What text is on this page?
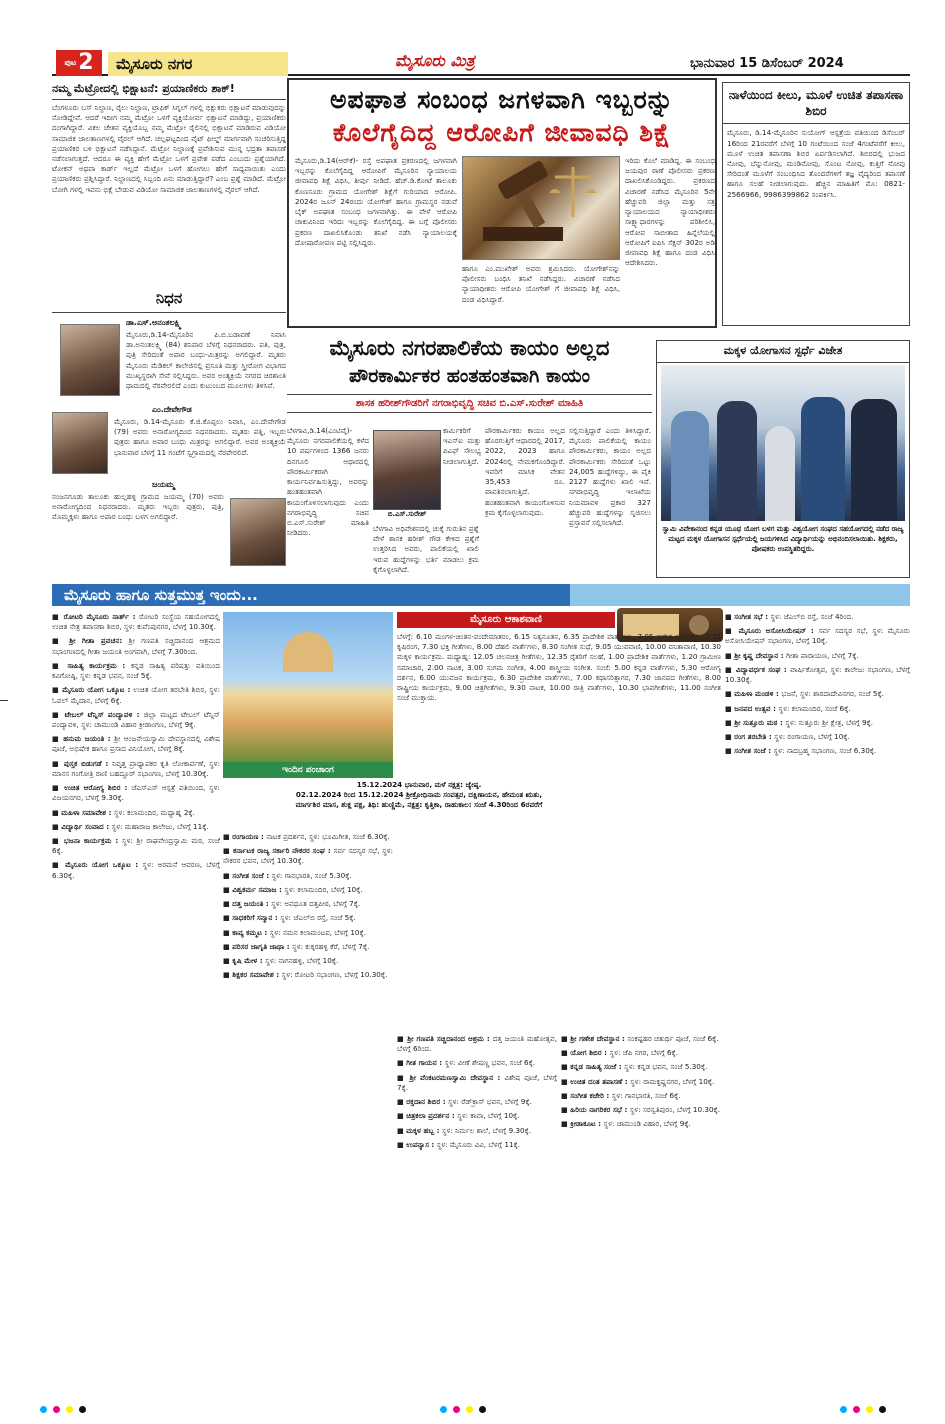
ಪುಟ 2	ಮೈಸೂರು ನಗರ	ಮೈಸೂರು ಮಿತ್ರ	ಭಾನುವಾರ 15 ಡಿಸೆಂಬರ್ 2024
ನಮ್ಮ ಮೆಟ್ರೋದಲ್ಲಿ ಭಿಕ್ಷಾಟನೆ: ಪ್ರಯಾಣಿಕರು ಶಾಕ್!
ಬೆಂಗಳೂರು ಬಸ್ ನಿಲ್ದಾಣ, ರೈಲು ನಿಲ್ದಾಣ, ಟ್ರಾಫಿಕ್ ಸಿಗ್ನಲ್ ಗಳಲ್ಲಿ ಭಿಕ್ಷುಕರು ಭಿಕ್ಷಾಟನೆ ಮಾಡುವುದನ್ನು ನೋಡಿದ್ದೇವೆ. ಆದರೆ ಇದೀಗ ನಮ್ಮ ಮೆಟ್ರೋ ಒಳಗೆ ವ್ಯಕ್ತಿಯೋರ್ವ ಭಿಕ್ಷಾಟನೆ ಮಾಡಿದ್ದು, ಪ್ರಯಾಣಿಕರು ದಂಗಾಗಿದ್ದಾರೆ. ವಿಕಲ ಚೇತನ ವ್ಯಕ್ತಿಯೊಬ್ಬ ನಮ್ಮ ಮೆಟ್ರೋ ರೈಲಿನಲ್ಲಿ ಭಿಕ್ಷಾಟನೆ ಮಾಡಿರುವ ವಿಡಿಯೋ ಸಾಮಾಜಿಕ ಜಾಲತಾಣಗಳಲ್ಲಿ ವೈರಲ್ ಆಗಿದೆ. ಚಲ್ಲಘಟ್ಟದಿಂದ ವೈಟ್ ಫೀಲ್ಡ್ ಮಾರ್ಗವಾಗಿ ಸಂಚರಿಸುತ್ತಿದ್ದ ಪ್ರಯಾಣಿಕರ ಬಳಿ ಭಿಕ್ಷಾಟನೆ ನಡೆಸಿದ್ದಾನೆ. ಮೆಟ್ರೋ ನಿಲ್ದಾಣಕ್ಕೆ ಪ್ರವೇಶಿಸುವ ಮುನ್ನ ಭದ್ರತಾ ತಪಾಸಣೆ ನಡೆಸಲಾಗುತ್ತದೆ. ಆದರೂ ಈ ವ್ಯಕ್ತಿ ಹೇಗೆ ಮೆಟ್ರೋ ಒಳಗೆ ಪ್ರವೇಶ ಪಡೆದ ಎಂಬುದು ಪ್ರಶ್ನೆಯಾಗಿದೆ. ಟೋಕನ್ ಅಥವಾ ಕಾರ್ಡ್ ಇಲ್ಲದೆ ಮೆಟ್ರೋ ಒಳಗೆ ಹೋಗಲು ಹೇಗೆ ಸಾಧ್ಯವಾಯಿತು ಎಂದು ಪ್ರಯಾಣಿಕರು ಪ್ರಶ್ನಿಸಿದ್ದಾರೆ. ನಿಲ್ದಾಣದಲ್ಲಿ ಸಿಬ್ಬಂದಿ ಏನು ಮಾಡುತ್ತಿದ್ದಾರೆ? ಎಂಬ ಪ್ರಶ್ನೆ ಮಾಡಿದೆ. ಮೆಟ್ರೋ ಬೋಗಿ ಗಳಲ್ಲಿ ಇವನು ಭಿಕ್ಷೆ ಬೇಡುವ ವಿಡಿಯೋ ಸಾಮಾಜಿಕ ಜಾಲತಾಣಗಳಲ್ಲಿ ವೈರಲ್ ಆಗಿದೆ.
ನಿಧನ
ಡಾ.ಎಸ್.ಅನಂತಲಕ್ಷ್ಮಿ
ಮೈಸೂರು,ಡಿ.14-ಮೈಸೂರಿನ ಪಿ.ಬಿ.ಬಡಾವಣೆ ನಿವಾಸಿ ಡಾ.ಅನಂತಲಕ್ಷ್ಮಿ (84) ಶನಿವಾರ ಬೆಳಗ್ಗೆ ನಿಧನರಾದರು. ಪತಿ, ಪುತ್ರ, ಪುತ್ರಿ ಸೇರಿದಂತೆ ಅಪಾರ ಬಂಧು-ಮಿತ್ರರನ್ನು ಅಗಲಿದ್ದಾರೆ. ಮೃತರು ಮೈಸೂರು ಮೆಡಿಕಲ್ ಕಾಲೇಜಿನಲ್ಲಿ ಪ್ರಸೂತಿ ಮತ್ತು ಸ್ತ್ರೀರೋಗ ವಿಭಾಗದ ಮುಖ್ಯಸ್ಥರಾಗಿ ಸೇವೆ ಸಲ್ಲಿಸಿದ್ದರು. ಅವರ ಅಂತ್ಯಕ್ರಿಯೆ ನಗರದ ಚಿರಶಾಂತಿ ಧಾಮದಲ್ಲಿ ನೆರವೇರಲಿದೆ ಎಂದು ಕುಟುಂಬದ ಮೂಲಗಳು ತಿಳಿಸಿವೆ.
ಎಂ.ದೇವೇಗೌಡ
ಮೈಸೂರು, ಡಿ.14-ಮೈಸೂರು ಕೆ.ಜಿ.ಕೊಪ್ಪಲು ನಿವಾಸಿ, ಎಂ.ದೇವೇಗೌಡ (79) ಅವರು ಅನಾರೋಗ್ಯದಿಂದ ನಿಧನರಾದರು. ಮೃತರು ಪತ್ನಿ, ಇಬ್ಬರು ಪುತ್ರರು ಹಾಗೂ ಅಪಾರ ಬಂಧು ಮಿತ್ರರನ್ನು ಅಗಲಿದ್ದಾರೆ. ಅವರ ಅಂತ್ಯಕ್ರಿಯೆ ಭಾನುವಾರ ಬೆಳಗ್ಗೆ 11 ಗಂಟೆಗೆ ಸ್ವಗ್ರಾಮದಲ್ಲಿ ನೆರವೇರಲಿದೆ.
ಜಯಮ್ಮ
ನಂಜನಗೂಡು ತಾಲೂಕು ಹುಲ್ಲಹಳ್ಳಿ ಗ್ರಾಮದ ಜಯಮ್ಮ (70) ಅವರು ಅನಾರೋಗ್ಯದಿಂದ ನಿಧನರಾದರು. ಮೃತರು ಇಬ್ಬರು ಪುತ್ರರು, ಪುತ್ರಿ, ಮೊಮ್ಮಕ್ಕಳು ಹಾಗೂ ಅಪಾರ ಬಂಧು ಬಳಗ ಅಗಲಿದ್ದಾರೆ.
ಅಪಘಾತ ಸಂಬಂಧ ಜಗಳವಾಗಿ ಇಬ್ಬರನ್ನು
ಕೊಲೆಗೈದಿದ್ದ ಆರೋಪಿಗೆ ಜೀವಾವಧಿ ಶಿಕ್ಷೆ
ಮೈಸೂರು,ಡಿ.14(ಆರ್‌ಕೆ)- ರಸ್ತೆ ಅಪಘಾತ ಪ್ರಕರಣದಲ್ಲಿ ಜಗಳವಾಗಿ ಇಬ್ಬರನ್ನು ಕೊಲೆಗೈದಿದ್ದ ಆರೋಪಿಗೆ ಮೈಸೂರಿನ ನ್ಯಾಯಾಲಯ ಜೀವಾವಧಿ ಶಿಕ್ಷೆ ವಿಧಿಸಿ, ತೀರ್ಪು ನೀಡಿದೆ. ಹೆಚ್.ಡಿ.ಕೋಟೆ ತಾಲೂಕು ಕೊಣಸೂರು ಗ್ರಾಮದ ಯೋಗೇಶ್ ಶಿಕ್ಷೆಗೆ ಗುರಿಯಾದ ಆರೋಪಿ. 2024ರ ಜೂನ್ 24ರಂದು ಯೋಗೇಶ್ ಹಾಗೂ ಗ್ರಾಮಸ್ಥರ ನಡುವೆ ಬೈಕ್ ಅಪಘಾತ ಸಂಬಂಧ ಜಗಳವಾಗಿತ್ತು. ಈ ವೇಳೆ ಆರೋಪಿ ಚಾಕುವಿನಿಂದ ಇರಿದು ಇಬ್ಬರನ್ನು ಕೊಲೆಗೈದಿದ್ದ. ಈ ಬಗ್ಗೆ ಪೊಲೀಸರು ಪ್ರಕರಣ ದಾಖಲಿಸಿಕೊಂಡು ತನಿಖೆ ನಡೆಸಿ ನ್ಯಾಯಾಲಯಕ್ಕೆ ದೋಷಾರೋಪಣ ಪಟ್ಟಿ ಸಲ್ಲಿಸಿದ್ದರು.
ಹಾಗೂ ಎಂ.ಮುಖೇಶ್ ಅವರು ಶ್ರಮಿಸಿದರು. ಯೋಗೇಶ್‌ನನ್ನು ಪೊಲೀಸರು ಬಂಧಿಸಿ ತನಿಖೆ ನಡೆಸಿದ್ದರು. ವಿಚಾರಣೆ ನಡೆಸಿದ ನ್ಯಾಯಾಧೀಶರು ಆರೋಪಿ ಯೋಗೇಶ್ ಗೆ ಜೀವಾವಧಿ ಶಿಕ್ಷೆ ವಿಧಿಸಿ, ದಂಡ ವಿಧಿಸಿದ್ದಾರೆ.
ಇರಿದು ಕೊಲೆ ಮಾಡಿದ್ದ. ಈ ಸಂಬಂಧ ಜಯಪುರ ಠಾಣೆ ಪೊಲೀಸರು ಪ್ರಕರಣ ದಾಖಲಿಸಿಕೊಂಡಿದ್ದರು. ಪ್ರಕರಣದ ವಿಚಾರಣೆ ನಡೆಸಿದ ಮೈಸೂರಿನ 5ನೇ ಹೆಚ್ಚುವರಿ ಜಿಲ್ಲಾ ಮತ್ತು ಸತ್ರ ನ್ಯಾಯಾಲಯದ ನ್ಯಾಯಾಧೀಶರು ಸಾಕ್ಷ್ಯಾಧಾರಗಳನ್ನು ಪರಿಶೀಲಿಸಿ, ಆರೋಪ ಸಾಬೀತಾದ ಹಿನ್ನೆಲೆಯಲ್ಲಿ ಆರೋಪಿಗೆ ಐಪಿಸಿ ಸೆಕ್ಷನ್ 302ರ ಅಡಿ ಜೀವಾವಧಿ ಶಿಕ್ಷೆ ಹಾಗೂ ದಂಡ ವಿಧಿಸಿ ಆದೇಶಿಸಿದರು.
ನಾಳೆಯಿಂದ ಕೀಲು, ಮೂಳೆ ಉಚಿತ ತಪಾಸಣಾ ಶಿಬಿರ
ಮೈಸೂರು, ಡಿ.14-ಮೈಸೂರಿನ ಸುಯೋಗ್ ಆಸ್ಪತ್ರೆಯ ವತಿಯಿಂದ ಡಿಸೆಂಬರ್ 16ರಿಂದ 21ರವರೆಗೆ ಬೆಳಗ್ಗೆ 10 ಗಂಟೆಯಿಂದ ಸಂಜೆ 4ಗಂಟೆವರೆಗೆ ಕೀಲು, ಮೂಳೆ ಉಚಿತ ತಪಾಸಣಾ ಶಿಬಿರ ಏರ್ಪಡಿಸಲಾಗಿದೆ. ಶಿಬಿರದಲ್ಲಿ ಭುಜದ ನೋವು, ಬೆನ್ನುನೋವು, ಮಂಡಿನೋವು, ಸೊಂಟ ನೋವು, ಕುತ್ತಿಗೆ ನೋವು ಸೇರಿದಂತೆ ಮೂಳೆಗೆ ಸಂಬಂಧಿಸಿದ ತೊಂದರೆಗಳಿಗೆ ತಜ್ಞ ವೈದ್ಯರಿಂದ ತಪಾಸಣೆ ಹಾಗೂ ಸಲಹೆ ನೀಡಲಾಗುವುದು. ಹೆಚ್ಚಿನ ಮಾಹಿತಿಗೆ ಮೊ: 0821-2566966, 9986399862 ಸಂಪರ್ಕಿಸಿ.
ಮೈಸೂರು ನಗರಪಾಲಿಕೆಯ ಕಾಯಂ ಅಲ್ಲದ
ಪೌರಕಾರ್ಮಿಕರ ಹಂತಹಂತವಾಗಿ ಕಾಯಂ
ಶಾಸಕ ಹರೀಶ್‌ಗೌಡರಿಗೆ ನಗರಾಭಿವೃದ್ಧಿ ಸಚಿವ ಬಿ.ಎಸ್.ಸುರೇಶ್ ಮಾಹಿತಿ
ಬೆಳಗಾವಿ,ಡಿ.14(ಎಂಟಿವೈ)- ಮೈಸೂರು ನಗರಪಾಲಿಕೆಯಲ್ಲಿ ಕಳೆದ 10 ವರ್ಷಗಳಿಂದ 1366 ಜನರು ದಿನಗೂಲಿ ಆಧಾರದಲ್ಲಿ ಪೌರಕಾರ್ಮಿಕರಾಗಿ ಕಾರ್ಯನಿರ್ವಹಿಸುತ್ತಿದ್ದು, ಅವರನ್ನು ಹಂತಹಂತವಾಗಿ ಕಾಯಂಗೊಳಿಸಲಾಗುವುದು ಎಂದು ನಗರಾಭಿವೃದ್ಧಿ ಸಚಿವ ಬಿ.ಎಸ್.ಸುರೇಶ್ ಮಾಹಿತಿ ನೀಡಿದರು.
ಬಿ.ಎಸ್.ಸುರೇಶ್
ಕಾರ್ಮಿಕರಿಗೆ ಇಎಸ್ಐ ಮತ್ತು ಪಿಎಫ್ ಸೌಲಭ್ಯ ನೀಡಲಾಗುತ್ತಿದೆ.
ಬೆಳಗಾವಿ ಅಧಿವೇಶನದಲ್ಲಿ ಚುಕ್ಕೆ ಗುರುತಿನ ಪ್ರಶ್ನೆ ವೇಳೆ ಶಾಸಕ ಹರೀಶ್ ಗೌಡ ಕೇಳಿದ ಪ್ರಶ್ನೆಗೆ ಉತ್ತರಿಸಿದ ಅವರು, ಪಾಲಿಕೆಯಲ್ಲಿ ಖಾಲಿ ಇರುವ ಹುದ್ದೆಗಳನ್ನು ಭರ್ತಿ ಮಾಡಲು ಕ್ರಮ ಕೈಗೊಳ್ಳಲಾಗಿದೆ.
ಪೌರಕಾರ್ಮಿಕರು ಕಾಯಂ ಅಲ್ಲದ ಹೊರಗುತ್ತಿಗೆ ಆಧಾರದಲ್ಲಿ 2017, 2022, 2023 ಹಾಗೂ 2024ರಲ್ಲಿ ನೇಮಕಗೊಂಡಿದ್ದಾರೆ. ಇವರಿಗೆ ಮಾಸಿಕ ವೇತನ 35,453 ರೂ. ಪಾವತಿಸಲಾಗುತ್ತಿದೆ. ಹಂತಹಂತವಾಗಿ ಕಾಯಂಗೊಳಿಸುವ ಕ್ರಮ ಕೈಗೊಳ್ಳಲಾಗುವುದು.
ಸಲ್ಲಿಸುತ್ತಿದ್ದಾರೆ ಎಂದು ತಿಳಿಸಿದ್ದಾರೆ. ಮೈಸೂರು ಪಾಲಿಕೆಯಲ್ಲಿ ಕಾಯಂ ಪೌರಕಾರ್ಮಿಕರು, ಕಾಯಂ ಅಲ್ಲದ ಪೌರಕಾರ್ಮಿಕರು ಸೇರಿದಂತೆ ಒಟ್ಟು 24,005 ಹುದ್ದೆಗಳಿದ್ದು, ಈ ಪೈಕಿ 2127 ಹುದ್ದೆಗಳು ಖಾಲಿ ಇವೆ. ನಗರಾಭಿವೃದ್ಧಿ ಇಲಾಖೆಯ ನಿಯಮಾವಳಿ ಪ್ರಕಾರ 327 ಹೆಚ್ಚುವರಿ ಹುದ್ದೆಗಳನ್ನು ಸೃಜಿಸಲು ಪ್ರಸ್ತಾವನೆ ಸಲ್ಲಿಸಲಾಗಿದೆ.
ಮಕ್ಕಳ ಯೋಗಾಸನ ಸ್ಪರ್ಧೆ ವಿಜೇತ
ಸ್ವಾಮಿ ವಿವೇಕಾನಂದ ಕನ್ನಡ ಯೂಥ ಯೋಗ ಬಳಗ ಮತ್ತು ವಿಶ್ವಯೋಗ ಸಂಘದ ಸಹಯೋಗದಲ್ಲಿ ನಡೆದ ರಾಜ್ಯ ಮಟ್ಟದ ಮಕ್ಕಳ ಯೋಗಾಸನ ಸ್ಪರ್ಧೆಯಲ್ಲಿ ಜಯಗಳಿಸಿದ ವಿದ್ಯಾರ್ಥಿಯನ್ನು ಅಭಿನಂದಿಸಲಾಯಿತು. ಶಿಕ್ಷಕರು, ಪೋಷಕರು ಉಪಸ್ಥಿತರಿದ್ದರು.
ಮೈಸೂರು ಹಾಗೂ ಸುತ್ತಮುತ್ತ ಇಂದು...
■ ರೋಟರಿ ಮೈಸೂರು ನಾರ್ತ್ : ರೋಟರಿ ಸಂಸ್ಥೆಯ ಸಹಯೋಗದಲ್ಲಿ ಉಚಿತ ನೇತ್ರ ತಪಾಸಣಾ ಶಿಬಿರ, ಸ್ಥಳ: ಕುವೆಂಪುನಗರ, ಬೆಳಗ್ಗೆ 10.30ಕ್ಕೆ.
■ ಶ್ರೀ ಗೀತಾ ಪ್ರವಚನ: ಶ್ರೀ ಗಣಪತಿ ಸಚ್ಚಿದಾನಂದ ಆಶ್ರಮದ ಸಭಾಂಗಣದಲ್ಲಿ ಗೀತಾ ಜಯಂತಿ ಅಂಗವಾಗಿ, ಬೆಳಗ್ಗೆ 7.30ರಿಂದ.
■ ಸಾಹಿತ್ಯ ಕಾರ್ಯಕ್ರಮ : ಕನ್ನಡ ಸಾಹಿತ್ಯ ಪರಿಷತ್ತು ವತಿಯಿಂದ ಕವಿಗೋಷ್ಠಿ, ಸ್ಥಳ: ಕನ್ನಡ ಭವನ, ಸಂಜೆ 5ಕ್ಕೆ.
■ ಮೈಸೂರು ಯೋಗ ಒಕ್ಕೂಟ : ಉಚಿತ ಯೋಗ ತರಬೇತಿ ಶಿಬಿರ, ಸ್ಥಳ: ಓವಲ್ ಮೈದಾನ, ಬೆಳಗ್ಗೆ 6ಕ್ಕೆ.
■ ಟೇಬಲ್ ಟೆನ್ನಿಸ್ ಪಂದ್ಯಾವಳಿ : ಜಿಲ್ಲಾ ಮಟ್ಟದ ಟೇಬಲ್ ಟೆನ್ನಿಸ್ ಪಂದ್ಯಾವಳಿ, ಸ್ಥಳ: ಚಾಮುಂಡಿ ವಿಹಾರ ಕ್ರೀಡಾಂಗಣ, ಬೆಳಗ್ಗೆ 9ಕ್ಕೆ.
■ ಹನುಮ ಜಯಂತಿ : ಶ್ರೀ ಆಂಜನೇಯಸ್ವಾಮಿ ದೇವಸ್ಥಾನದಲ್ಲಿ ವಿಶೇಷ ಪೂಜೆ, ಅಭಿಷೇಕ ಹಾಗೂ ಪ್ರಸಾದ ವಿನಿಯೋಗ, ಬೆಳಗ್ಗೆ 8ಕ್ಕೆ.
■ ಪುಸ್ತಕ ಬಿಡುಗಡೆ : ನಿವೃತ್ತ ಪ್ರಾಧ್ಯಾಪಕರ ಕೃತಿ ಲೋಕಾರ್ಪಣೆ, ಸ್ಥಳ: ಮಾನಸ ಗಂಗೋತ್ರಿ ರಾಣಿ ಬಹದ್ದೂರ್ ಸಭಾಂಗಣ, ಬೆಳಗ್ಗೆ 10.30ಕ್ಕೆ.
■ ಉಚಿತ ಆರೋಗ್ಯ ಶಿಬಿರ : ಜೆಎಸ್ಎಸ್ ಆಸ್ಪತ್ರೆ ವತಿಯಿಂದ, ಸ್ಥಳ: ವಿಜಯನಗರ, ಬೆಳಗ್ಗೆ 9.30ಕ್ಕೆ.
■ ಮಹಿಳಾ ಸಮಾವೇಶ : ಸ್ಥಳ: ಕಲಾಮಂದಿರ, ಮಧ್ಯಾಹ್ನ 2ಕ್ಕೆ.
■ ವಿದ್ಯಾರ್ಥಿ ಸಂವಾದ : ಸ್ಥಳ: ಮಹಾರಾಜ ಕಾಲೇಜು, ಬೆಳಗ್ಗೆ 11ಕ್ಕೆ.
■ ಭಜನಾ ಕಾರ್ಯಕ್ರಮ : ಸ್ಥಳ: ಶ್ರೀ ರಾಘವೇಂದ್ರಸ್ವಾಮಿ ಮಠ, ಸಂಜೆ 6ಕ್ಕೆ.
■ ಮೈಸೂರು ಯೋಗ ಒಕ್ಕೂಟ : ಸ್ಥಳ: ಅರಮನೆ ಆವರಣ, ಬೆಳಗ್ಗೆ 6.30ಕ್ಕೆ.
ಇಂದಿನ ಪಂಚಾಂಗ
15.12.2024 ಭಾನುವಾರ, ಮಳೆ ನಕ್ಷತ್ರ: ಜ್ಯೇಷ್ಠ.
02.12.2024 ರಿಂದ 15.12.2024 ಶ್ರೀಕ್ರೋಧಿನಾಮ ಸಂವತ್ಸರ, ದಕ್ಷಿಣಾಯನ, ಹೇಮಂತ ಋತು,
ಮಾರ್ಗಶಿರ ಮಾಸ, ಶುಕ್ಲ ಪಕ್ಷ, ತಿಥಿ: ಹುಣ್ಣಿಮೆ, ನಕ್ಷತ್ರ: ಕೃತ್ತಿಕಾ, ರಾಹುಕಾಲ: ಸಂಜೆ 4.30ರಿಂದ 6ರವರೆಗೆ
■ ರಂಗಾಯಣ : ನಾಟಕ ಪ್ರದರ್ಶನ, ಸ್ಥಳ: ಭೂಮಿಗೀತ, ಸಂಜೆ 6.30ಕ್ಕೆ.
■ ಕರ್ನಾಟಕ ರಾಜ್ಯ ಸರ್ಕಾರಿ ನೌಕರರ ಸಂಘ : ಸರ್ವ ಸದಸ್ಯರ ಸಭೆ, ಸ್ಥಳ: ನೌಕರರ ಭವನ, ಬೆಳಗ್ಗೆ 10.30ಕ್ಕೆ.
■ ಸಂಗೀತ ಸಂಜೆ : ಸ್ಥಳ: ಗಾನಭಾರತಿ, ಸಂಜೆ 5.30ಕ್ಕೆ.
■ ವಿಶ್ವಕರ್ಮ ಸಮಾಜ : ಸ್ಥಳ: ಕಲಾಮಂದಿರ, ಬೆಳಗ್ಗೆ 10ಕ್ಕೆ.
■ ದತ್ತ ಜಯಂತಿ : ಸ್ಥಳ: ಅವಧೂತ ದತ್ತಪೀಠ, ಬೆಳಗ್ಗೆ 7ಕ್ಕೆ.
■ ಸಾಧಕರಿಗೆ ಸನ್ಮಾನ : ಸ್ಥಳ: ಜೆಎಲ್‌ಬಿ ರಸ್ತೆ, ಸಂಜೆ 5ಕ್ಕೆ.
■ ಕಾವ್ಯ ಕಮ್ಮಟ : ಸ್ಥಳ: ನಮನ ಕಲಾಮಂಟಪ, ಬೆಳಗ್ಗೆ 10ಕ್ಕೆ.
■ ಪರಿಸರ ಜಾಗೃತಿ ಜಾಥಾ : ಸ್ಥಳ: ಕುಕ್ಕರಹಳ್ಳಿ ಕೆರೆ, ಬೆಳಗ್ಗೆ 7ಕ್ಕೆ.
■ ಕೃಷಿ ಮೇಳ : ಸ್ಥಳ: ನಾಗನಹಳ್ಳಿ, ಬೆಳಗ್ಗೆ 10ಕ್ಕೆ.
■ ಶಿಕ್ಷಕರ ಸಮಾವೇಶ : ಸ್ಥಳ: ರೋಟರಿ ಸಭಾಂಗಣ, ಬೆಳಗ್ಗೆ 10.30ಕ್ಕೆ.
ಮೈಸೂರು ಆಕಾಶವಾಣಿ
ಬೆಳಗ್ಗೆ: 6.10 ಮಂಗಳ-ಚಿಂತನ-ವಂದೇಮಾತರಂ, 6.15 ನಿತ್ಯನೂತನ, 6.35 ಪ್ರಾದೇಶಿಕ ವಾರ್ತೆಗಳು, 7.05 ಪ್ರದೇಶ ಸಮಾಚಾರ, 7.15 ಕೃಷಿರಂಗ, 7.30 ಭಕ್ತಿ ಗೀತೆಗಳು, 8.00 ದೆಹಲಿ ವಾರ್ತೆಗಳು, 8.30 ಸಂಗೀತ ಸುಧೆ, 9.05 ಯುವವಾಣಿ, 10.00 ವನಿತಾವಾಣಿ, 10.30 ಮಕ್ಕಳ ಕಾರ್ಯಕ್ರಮ. ಮಧ್ಯಾಹ್ನ: 12.05 ಚಲನಚಿತ್ರ ಗೀತೆಗಳು, 12.35 ರೈತರಿಗೆ ಸಲಹೆ, 1.00 ಪ್ರಾದೇಶಿಕ ವಾರ್ತೆಗಳು, 1.20 ಗ್ರಾಮೀಣ ಸಮಾಚಾರ, 2.00 ನಾಟಕ, 3.00 ಸುಗಮ ಸಂಗೀತ, 4.00 ಶಾಸ್ತ್ರೀಯ ಸಂಗೀತ. ಸಂಜೆ: 5.00 ಕನ್ನಡ ವಾರ್ತೆಗಳು, 5.30 ಆರೋಗ್ಯ ದರ್ಶನ, 6.00 ಯುವಜನ ಕಾರ್ಯಕ್ರಮ, 6.30 ಪ್ರಾದೇಶಿಕ ವಾರ್ತೆಗಳು, 7.00 ಕಥಾಸರಿತ್ಸಾಗರ, 7.30 ಜಾನಪದ ಗೀತೆಗಳು, 8.00 ರಾಷ್ಟ್ರೀಯ ಕಾರ್ಯಕ್ರಮ, 9.00 ಚಿತ್ರಗೀತೆಗಳು, 9.30 ನಾಟಕ, 10.00 ರಾತ್ರಿ ವಾರ್ತೆಗಳು, 10.30 ಭಾವಗೀತೆಗಳು, 11.00 ಸಂಗೀತ ಸಂಜೆ ಮುಕ್ತಾಯ.
■ ಶ್ರೀ ಗಣಪತಿ ಸಚ್ಚಿದಾನಂದ ಆಶ್ರಮ : ದತ್ತ ಜಯಂತಿ ಮಹೋತ್ಸವ, ಬೆಳಗ್ಗೆ 6ರಿಂದ.
■ ಗೀತ ಗಾಯನ : ಸ್ಥಳ: ವೀಣೆ ಶೇಷಣ್ಣ ಭವನ, ಸಂಜೆ 6ಕ್ಕೆ.
■ ಶ್ರೀ ವೆಂಕಟರಮಣಸ್ವಾಮಿ ದೇವಸ್ಥಾನ : ವಿಶೇಷ ಪೂಜೆ, ಬೆಳಗ್ಗೆ 7ಕ್ಕೆ.
■ ರಕ್ತದಾನ ಶಿಬಿರ : ಸ್ಥಳ: ರೆಡ್‌ಕ್ರಾಸ್ ಭವನ, ಬೆಳಗ್ಗೆ 9ಕ್ಕೆ.
■ ಚಿತ್ರಕಲಾ ಪ್ರದರ್ಶನ : ಸ್ಥಳ: ಕಾವಾ, ಬೆಳಗ್ಗೆ 10ಕ್ಕೆ.
■ ಮಕ್ಕಳ ಹಬ್ಬ : ಸ್ಥಳ: ನಿರ್ಮಲ ಶಾಲೆ, ಬೆಳಗ್ಗೆ 9.30ಕ್ಕೆ.
■ ಉಪನ್ಯಾಸ : ಸ್ಥಳ: ಮೈಸೂರು ವಿವಿ, ಬೆಳಗ್ಗೆ 11ಕ್ಕೆ.
■ ಶ್ರೀ ಗಣೇಶ ದೇವಸ್ಥಾನ : ಸಂಕಷ್ಟಹರ ಚತುರ್ಥಿ ಪೂಜೆ, ಸಂಜೆ 6ಕ್ಕೆ.
■ ಯೋಗ ಶಿಬಿರ : ಸ್ಥಳ: ಜೆಪಿ ನಗರ, ಬೆಳಗ್ಗೆ 6ಕ್ಕೆ.
■ ಕನ್ನಡ ಸಾಹಿತ್ಯ ಸಂಜೆ : ಸ್ಥಳ: ಕನ್ನಡ ಭವನ, ಸಂಜೆ 5.30ಕ್ಕೆ.
■ ಉಚಿತ ದಂತ ತಪಾಸಣೆ : ಸ್ಥಳ: ರಾಮಕೃಷ್ಣನಗರ, ಬೆಳಗ್ಗೆ 10ಕ್ಕೆ.
■ ಸಂಗೀತ ಕಚೇರಿ : ಸ್ಥಳ: ಗಾನಭಾರತಿ, ಸಂಜೆ 6ಕ್ಕೆ.
■ ಹಿರಿಯ ನಾಗರಿಕರ ಸಭೆ : ಸ್ಥಳ: ಸರಸ್ವತಿಪುರಂ, ಬೆಳಗ್ಗೆ 10.30ಕ್ಕೆ.
■ ಕ್ರೀಡಾಕೂಟ : ಸ್ಥಳ: ಚಾಮುಂಡಿ ವಿಹಾರ, ಬೆಳಗ್ಗೆ 9ಕ್ಕೆ.
■ ಸಂಗೀತ ಸಭೆ : ಸ್ಥಳ: ಜೆಎಲ್‌ಬಿ ರಸ್ತೆ, ಸಂಜೆ 4ರಿಂದ.
■ ಮೈಸೂರು ಅಸೋಸಿಯೇಷನ್ : ಸರ್ವ ಸದಸ್ಯರ ಸಭೆ, ಸ್ಥಳ: ಮೈಸೂರು ಅಸೋಸಿಯೇಷನ್ ಸಭಾಂಗಣ, ಬೆಳಗ್ಗೆ 10ಕ್ಕೆ.
■ ಶ್ರೀ ಕೃಷ್ಣ ದೇವಸ್ಥಾನ : ಗೀತಾ ಪಾರಾಯಣ, ಬೆಳಗ್ಗೆ 7ಕ್ಕೆ.
■ ವಿದ್ಯಾವರ್ಧಕ ಸಂಘ : ವಾರ್ಷಿಕೋತ್ಸವ, ಸ್ಥಳ: ಕಾಲೇಜು ಸಭಾಂಗಣ, ಬೆಳಗ್ಗೆ 10.30ಕ್ಕೆ.
■ ಮಹಿಳಾ ಮಂಡಳಿ : ಭಜನೆ, ಸ್ಥಳ: ಶಾರದಾದೇವಿನಗರ, ಸಂಜೆ 5ಕ್ಕೆ.
■ ಜನಪದ ಉತ್ಸವ : ಸ್ಥಳ: ಕಲಾಮಂದಿರ, ಸಂಜೆ 6ಕ್ಕೆ.
■ ಶ್ರೀ ಸುತ್ತೂರು ಮಠ : ಸ್ಥಳ: ಸುತ್ತೂರು ಶ್ರೀ ಕ್ಷೇತ್ರ, ಬೆಳಗ್ಗೆ 9ಕ್ಕೆ.
■ ರಂಗ ತರಬೇತಿ : ಸ್ಥಳ: ರಂಗಾಯಣ, ಬೆಳಗ್ಗೆ 10ಕ್ಕೆ.
■ ಸಂಗೀತ ಸಂಜೆ : ಸ್ಥಳ: ನಾದಬ್ರಹ್ಮ ಸಭಾಂಗಣ, ಸಂಜೆ 6.30ಕ್ಕೆ.
